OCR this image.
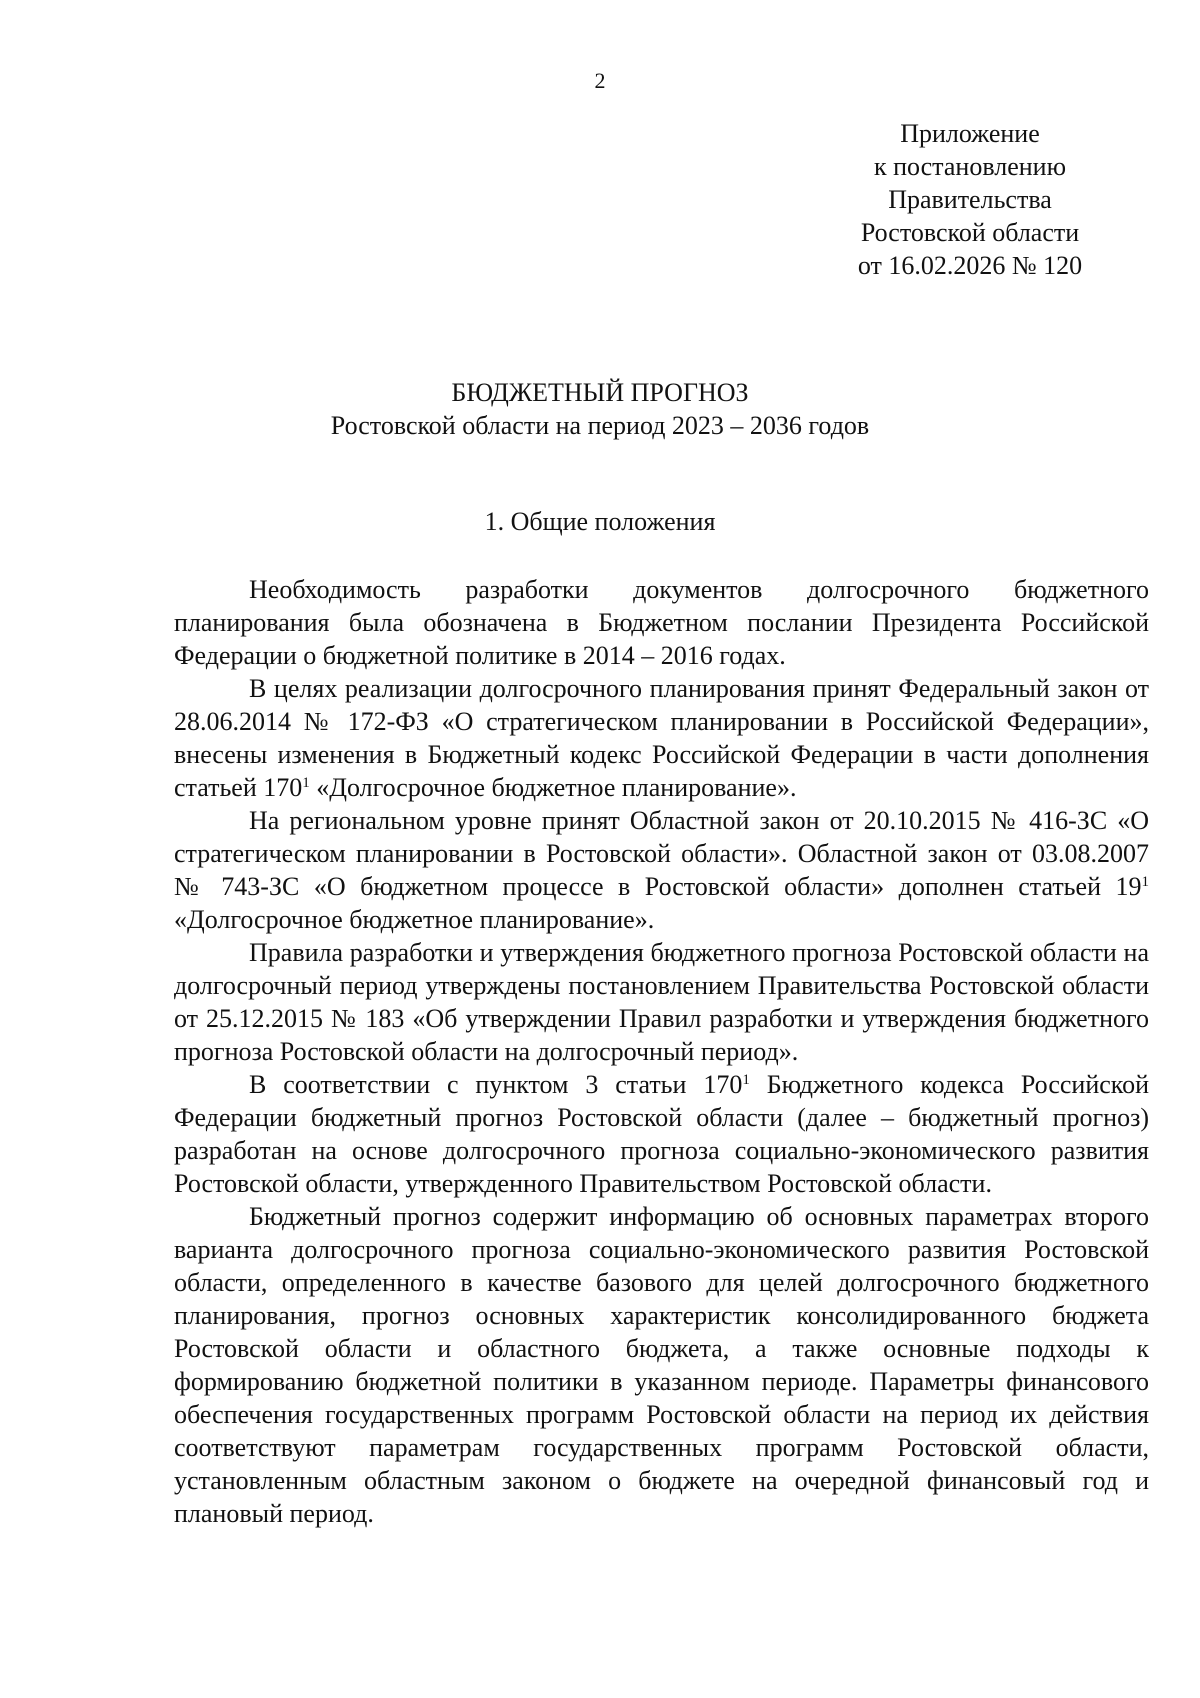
2
Приложение
к постановлению
Правительства
Ростовской области
от 16.02.2026 № 120
БЮДЖЕТНЫЙ ПРОГНОЗ
Ростовской области на период 2023 – 2036 годов
1. Общие положения

Необходимость разработки документов долгосрочного бюджетного планирования была обозначена в Бюджетном послании Президента Российской Федерации о бюджетной политике в 2014 – 2016 годах.

В целях реализации долгосрочного планирования принят Федеральный закон от 28.06.2014 № 172-ФЗ «О стратегическом планировании в Российской Федерации», внесены изменения в Бюджетный кодекс Российской Федерации в части дополнения статьей $170^1$ «Долгосрочное бюджетное планирование».

На региональном уровне принят Областной закон от 20.10.2015 № 416-ЗС «О стратегическом планировании в Ростовской области». Областной закон от 03.08.2007 № 743-ЗС «О бюджетном процессе в Ростовской области» дополнен статьей $19^1$ «Долгосрочное бюджетное планирование».

Правила разработки и утверждения бюджетного прогноза Ростовской области на долгосрочный период утверждены постановлением Правительства Ростовской области от 25.12.2015 № 183 «Об утверждении Правил разработки и утверждения бюджетного прогноза Ростовской области на долгосрочный период».

В соответствии с пунктом 3 статьи $170^1$ Бюджетного кодекса Российской Федерации бюджетный прогноз Ростовской области (далее – бюджетный прогноз) разработан на основе долгосрочного прогноза социально-экономического развития Ростовской области, утвержденного Правительством Ростовской области.

Бюджетный прогноз содержит информацию об основных параметрах второго варианта долгосрочного прогноза социально-экономического развития Ростовской области, определенного в качестве базового для целей долгосрочного бюджетного планирования, прогноз основных характеристик консолидированного бюджета Ростовской области и областного бюджета, а также основные подходы к формированию бюджетной политики в указанном периоде. Параметры финансового обеспечения государственных программ Ростовской области на период их действия соответствуют параметрам государственных программ Ростовской области, установленным областным законом о бюджете на очередной финансовый год и плановый период.
